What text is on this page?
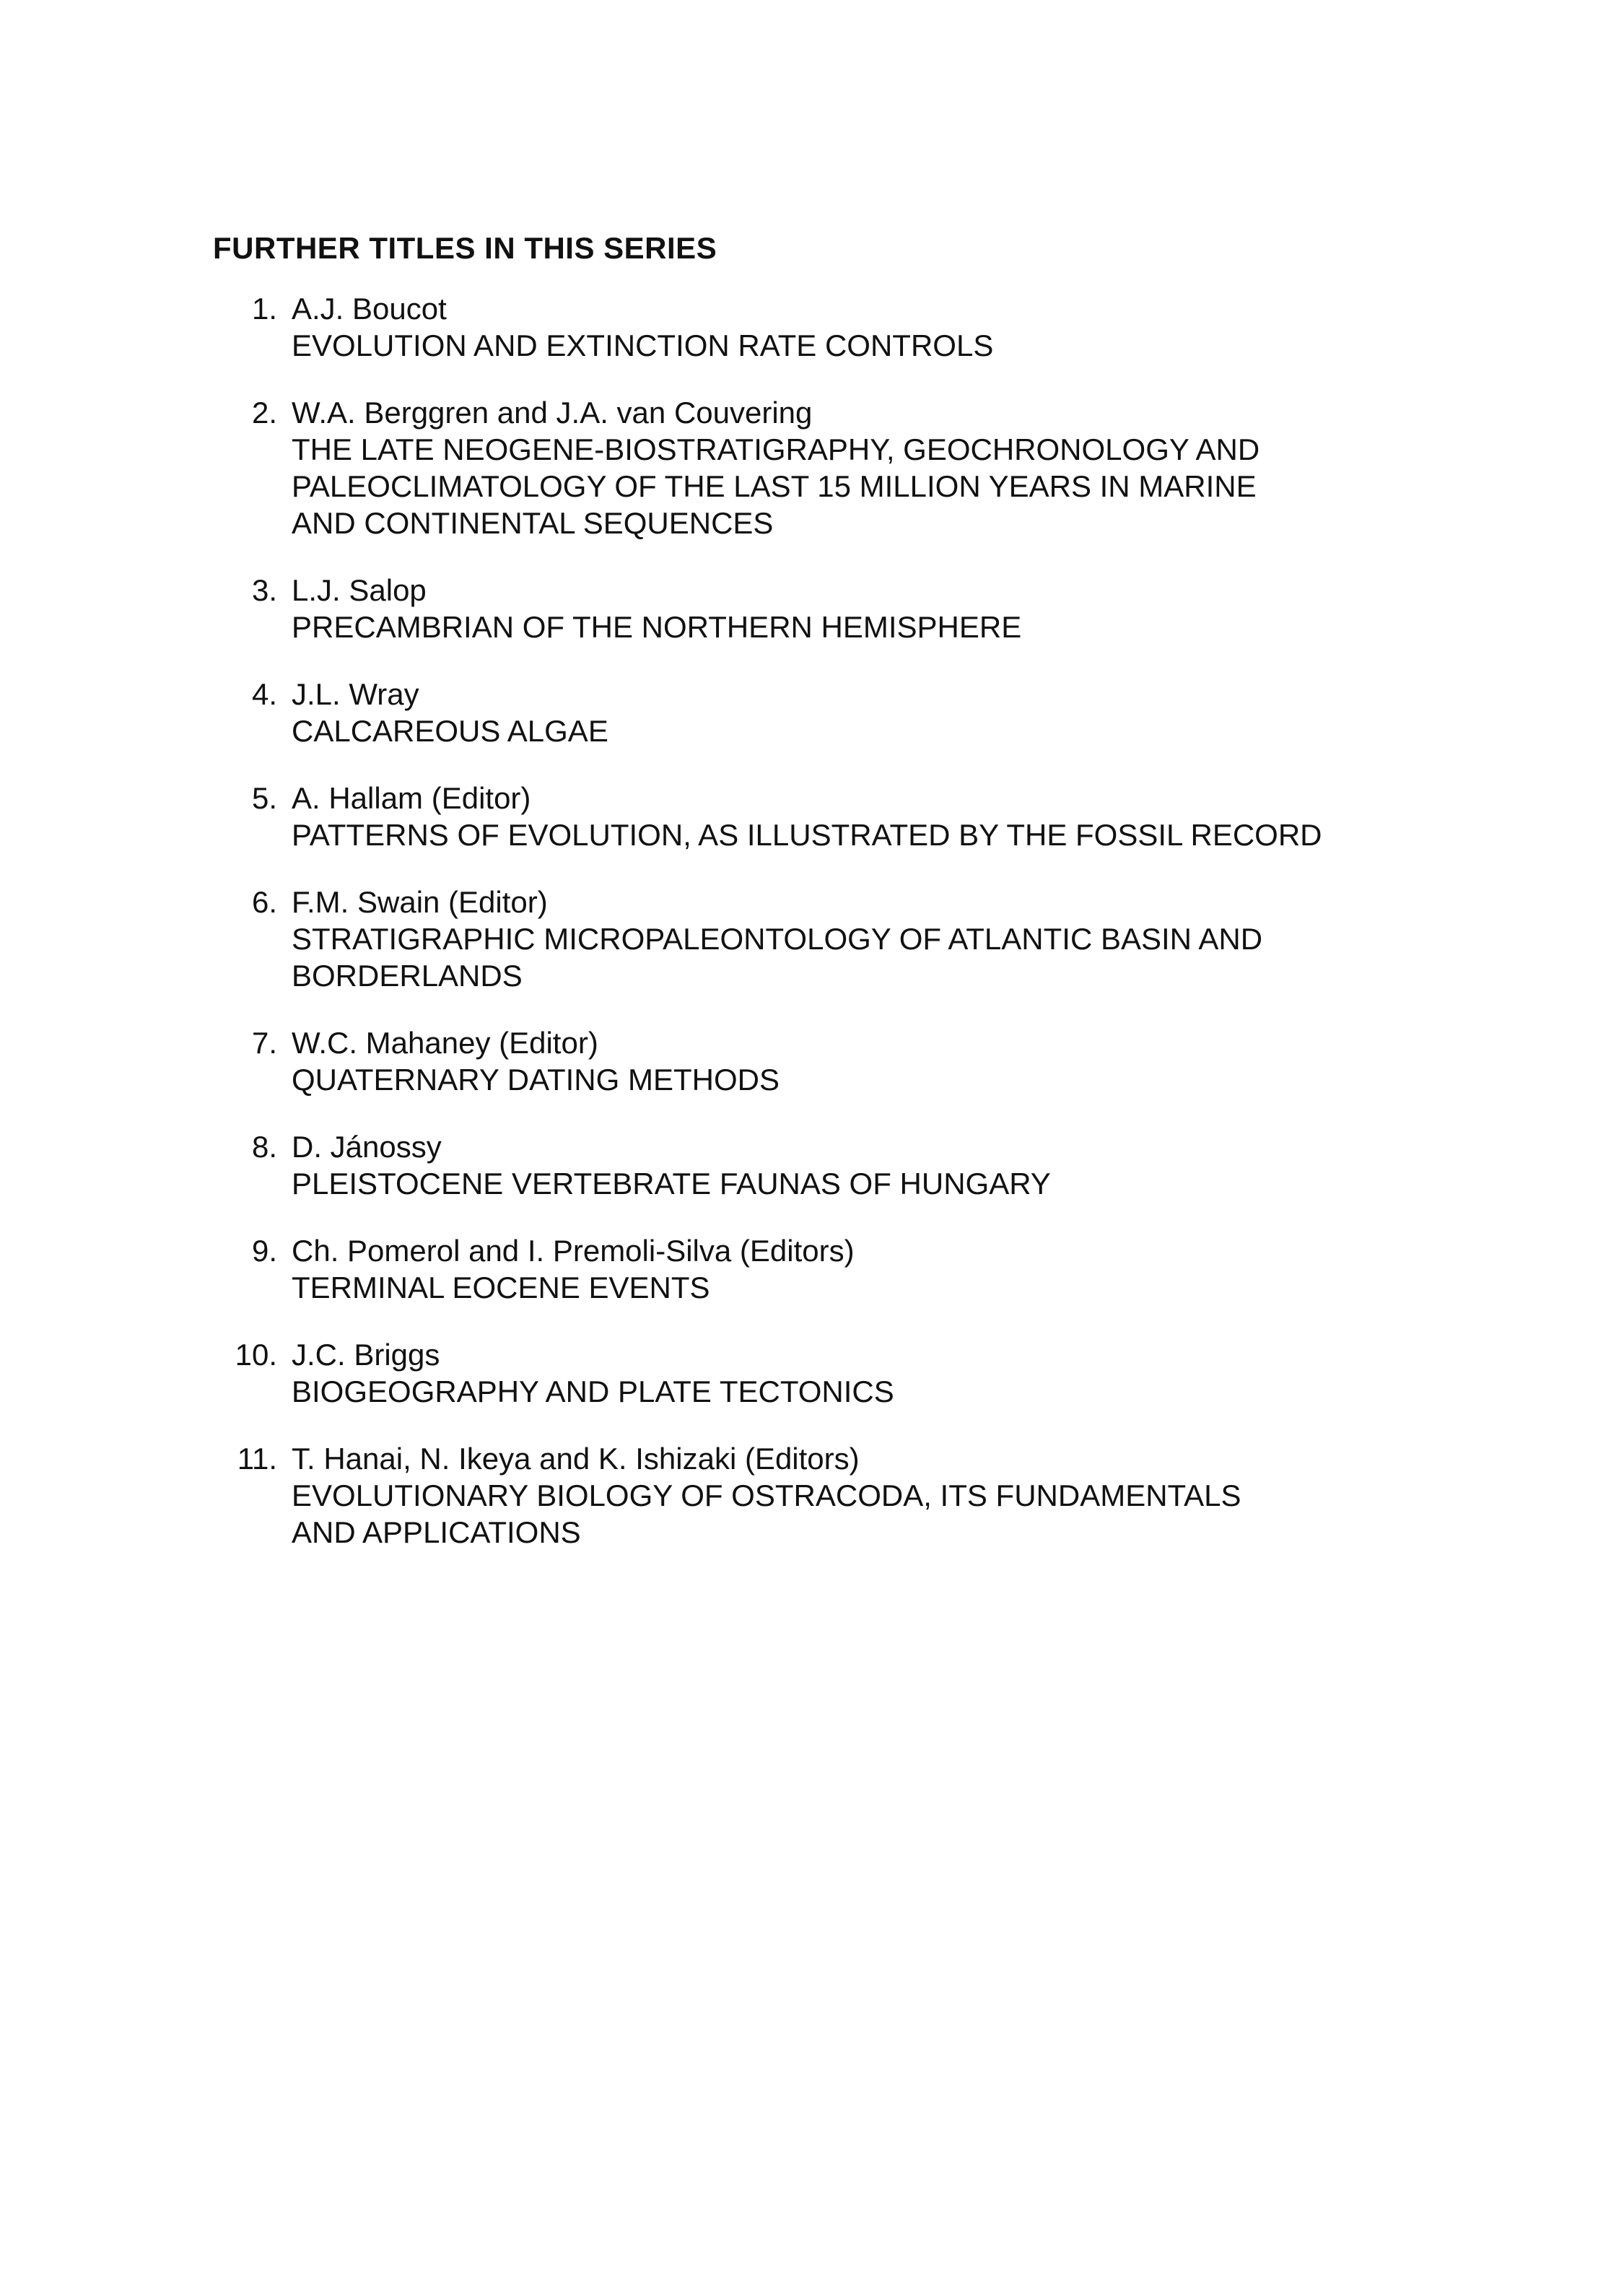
FURTHER TITLES IN THIS SERIES
1. A.J. Boucot
EVOLUTION AND EXTINCTION RATE CONTROLS
2. W.A. Berggren and J.A. van Couvering
THE LATE NEOGENE-BIOSTRATIGRAPHY, GEOCHRONOLOGY AND
PALEOCLIMATOLOGY OF THE LAST 15 MILLION YEARS IN MARINE
AND CONTINENTAL SEQUENCES
3. L.J. Salop
PRECAMBRIAN OF THE NORTHERN HEMISPHERE
4. J.L. Wray
CALCAREOUS ALGAE
5. A. Hallam (Editor)
PATTERNS OF EVOLUTION, AS ILLUSTRATED BY THE FOSSIL RECORD
6. F.M. Swain (Editor)
STRATIGRAPHIC MICROPALEONTOLOGY OF ATLANTIC BASIN AND
BORDERLANDS
7. W.C. Mahaney (Editor)
QUATERNARY DATING METHODS
8. D. Jánossy
PLEISTOCENE VERTEBRATE FAUNAS OF HUNGARY
9. Ch. Pomerol and I. Premoli-Silva (Editors)
TERMINAL EOCENE EVENTS
10. J.C. Briggs
BIOGEOGRAPHY AND PLATE TECTONICS
11. T. Hanai, N. Ikeya and K. Ishizaki (Editors)
EVOLUTIONARY BIOLOGY OF OSTRACODA, ITS FUNDAMENTALS
AND APPLICATIONS
